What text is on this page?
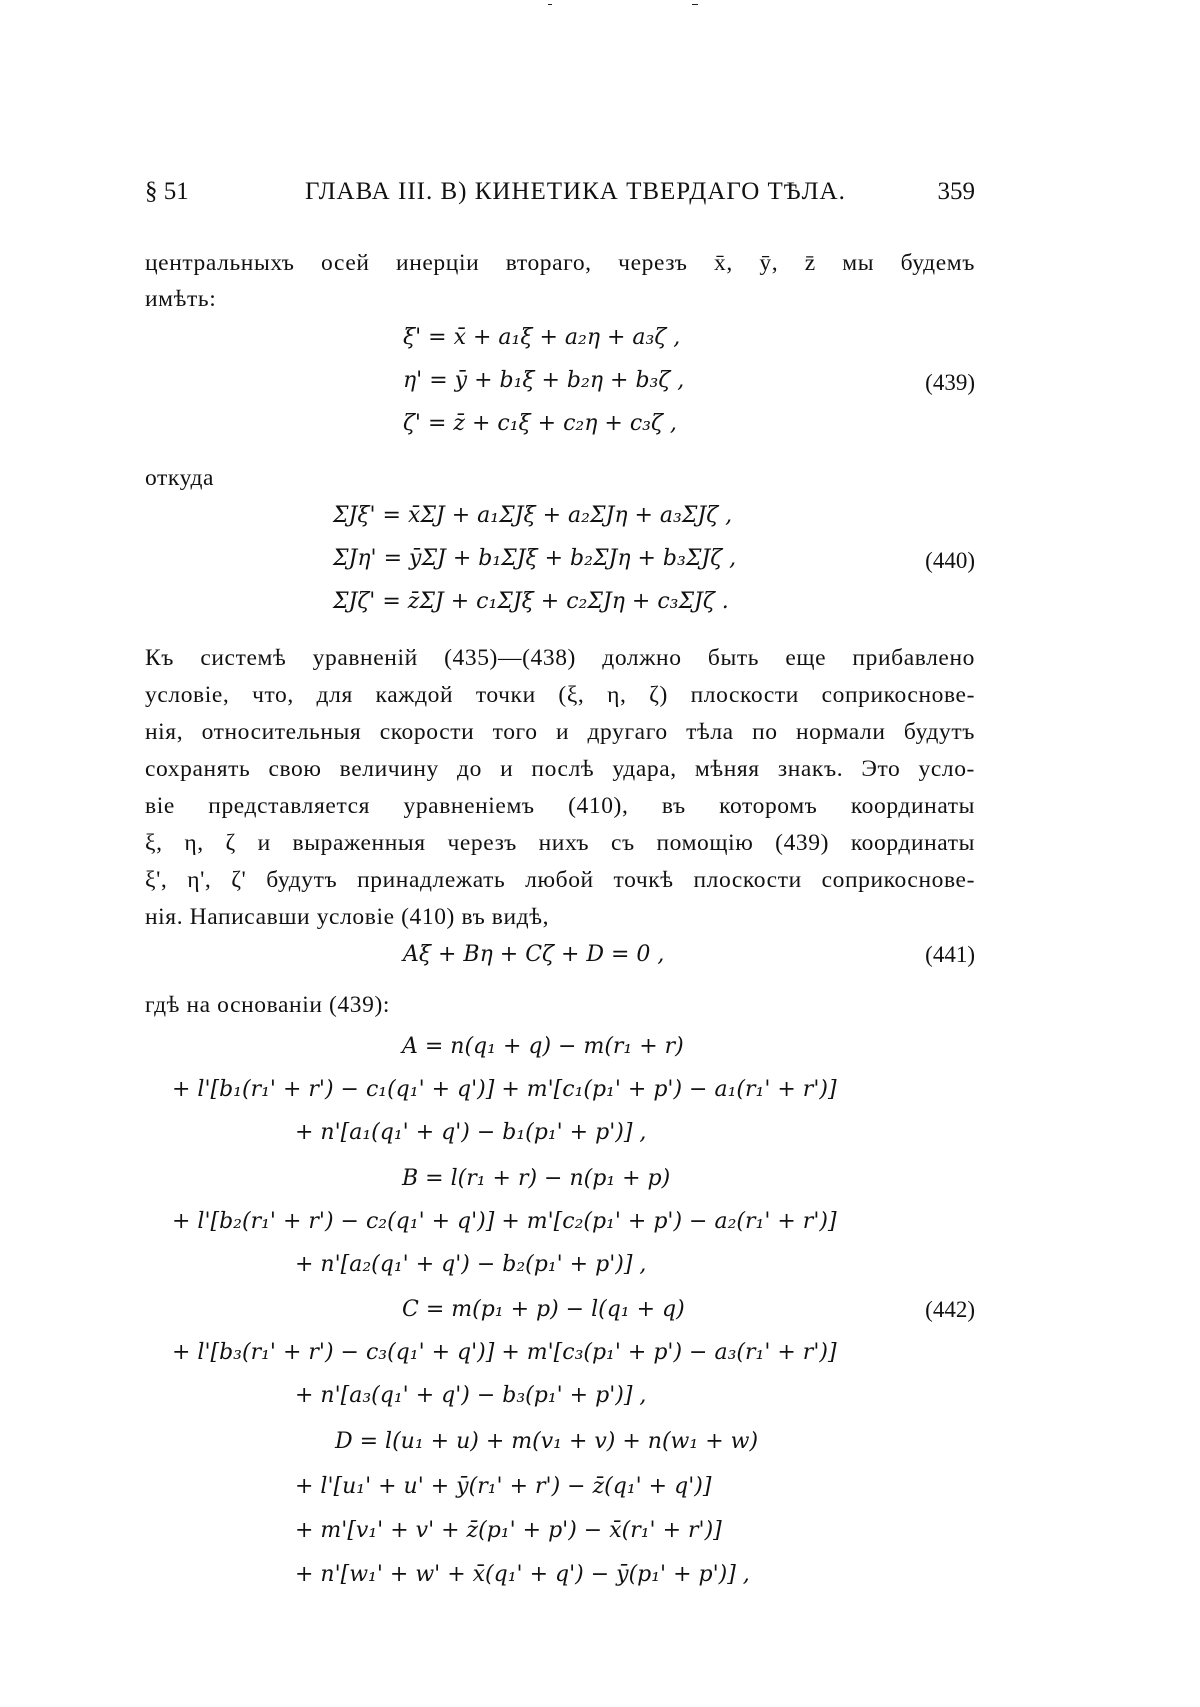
§ 51	ГЛАВА III. B) КИНЕТИКА ТВЕРДАГО ТѢЛА.	359
центральныхъ осей инерціи втораго, черезъ x̄, ȳ, z̄ мы будемъ
имѣть:
ξ' = x̄ + a₁ξ + a₂η + a₃ζ ,
η' = ȳ + b₁ξ + b₂η + b₃ζ ,
ζ' = z̄ + c₁ξ + c₂η + c₃ζ ,
(439)
откуда
ΣJξ' = x̄ΣJ + a₁ΣJξ + a₂ΣJη + a₃ΣJζ ,
ΣJη' = ȳΣJ + b₁ΣJξ + b₂ΣJη + b₃ΣJζ ,
ΣJζ' = z̄ΣJ + c₁ΣJξ + c₂ΣJη + c₃ΣJζ .
(440)
Къ системѣ уравненій (435)—(438) должно быть еще прибавлено
условіе, что, для каждой точки (ξ, η, ζ) плоскости соприкоснове-
нія, относительныя скорости того и другаго тѣла по нормали будутъ
сохранять свою величину до и послѣ удара, мѣняя знакъ. Это усло-
віе представляется уравненіемъ (410), въ которомъ координаты
ξ, η, ζ и выраженныя черезъ нихъ съ помощію (439) координаты
ξ', η', ζ' будутъ принадлежать любой точкѣ плоскости соприкоснове-
нія. Написавши условіе (410) въ видѣ,
Aξ + Bη + Cζ + D = 0 ,	(441)
гдѣ на основаніи (439):
A = n(q₁ + q) − m(r₁ + r)
+ l'[b₁(r₁' + r') − c₁(q₁' + q')] + m'[c₁(p₁' + p') − a₁(r₁' + r')]
+ n'[a₁(q₁' + q') − b₁(p₁' + p')] ,
B = l(r₁ + r) − n(p₁ + p)
+ l'[b₂(r₁' + r') − c₂(q₁' + q')] + m'[c₂(p₁' + p') − a₂(r₁' + r')]
+ n'[a₂(q₁' + q') − b₂(p₁' + p')] ,
C = m(p₁ + p) − l(q₁ + q)	(442)
+ l'[b₃(r₁' + r') − c₃(q₁' + q')] + m'[c₃(p₁' + p') − a₃(r₁' + r')]
+ n'[a₃(q₁' + q') − b₃(p₁' + p')] ,
D = l(u₁ + u) + m(v₁ + v) + n(w₁ + w)
+ l'[u₁' + u' + ȳ(r₁' + r') − z̄(q₁' + q')]
+ m'[v₁' + v' + z̄(p₁' + p') − x̄(r₁' + r')]
+ n'[w₁' + w' + x̄(q₁' + q') − ȳ(p₁' + p')] ,
